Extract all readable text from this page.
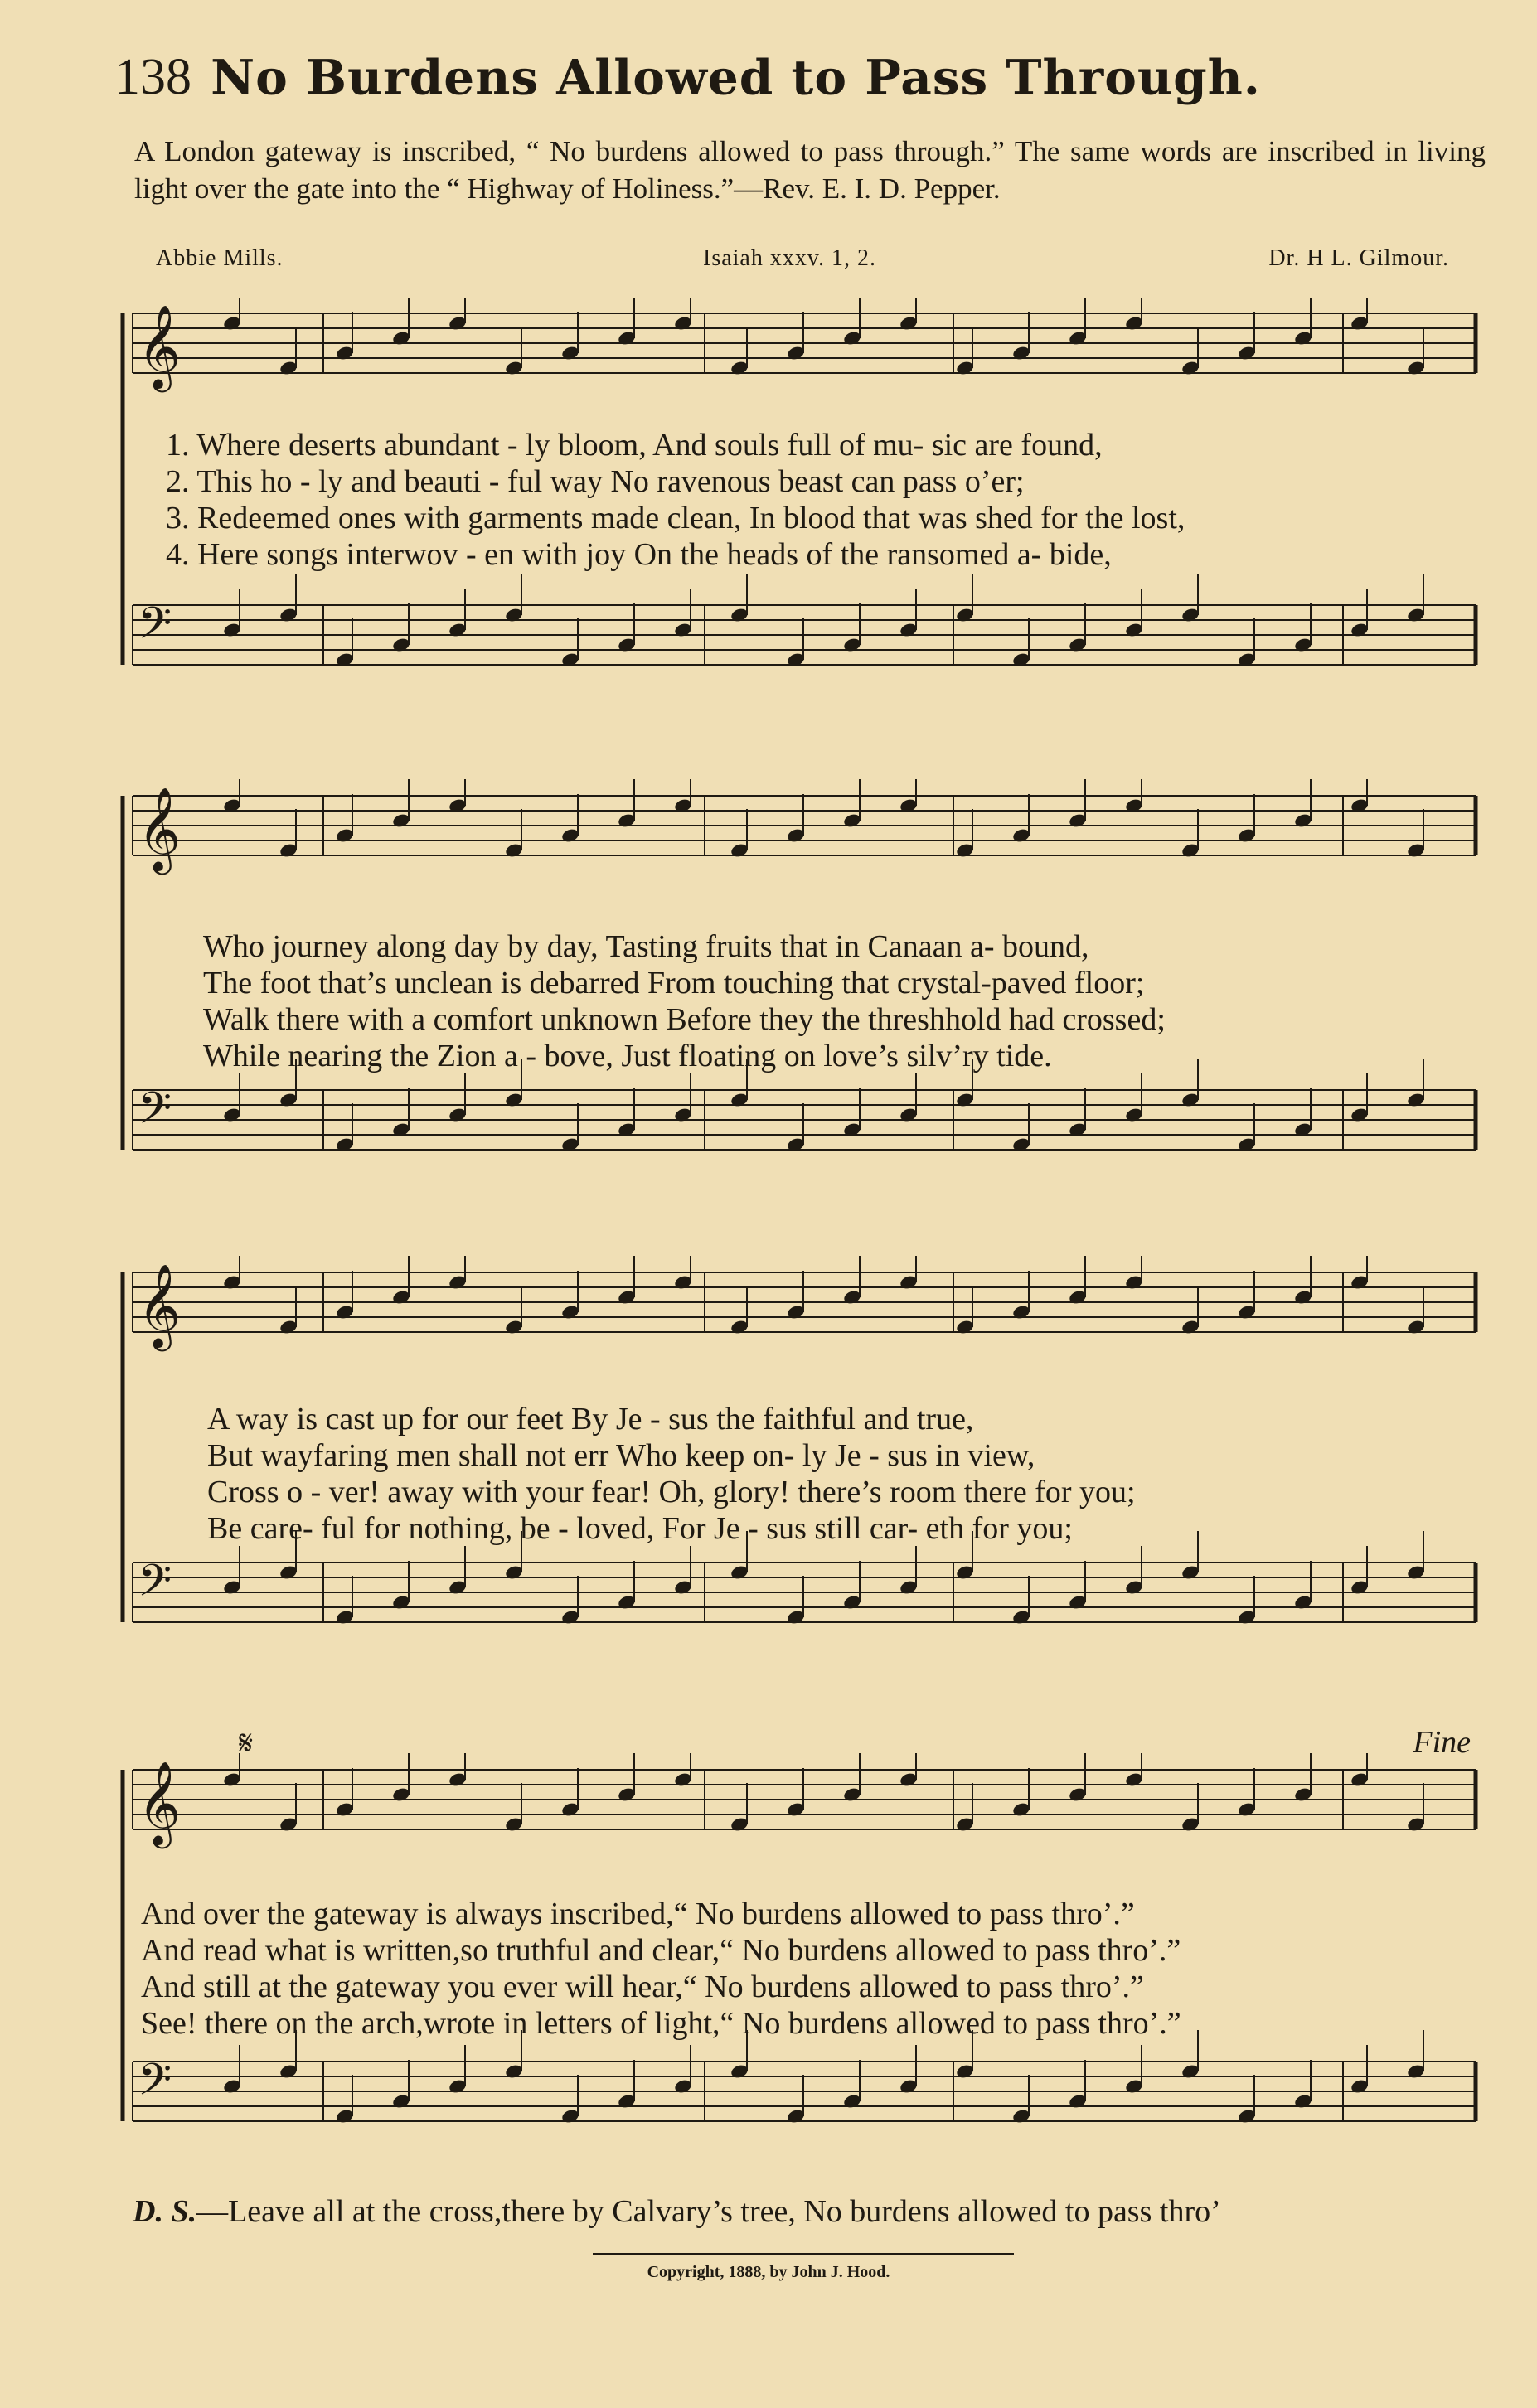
138 No Burdens Allowed to Pass Through.
A London gateway is inscribed, “ No burdens allowed to pass through.” The same words are inscribed in living light over the gate into the “ Highway of Holiness.”—Rev. E. I. D. Pepper.
Abbie Mills.	Isaiah xxxv. 1, 2.	Dr. H L. Gilmour.
𝄞
𝄢
1. Where deserts abundant - ly bloom, And souls full of mu- sic are found,
2. This ho - ly and beauti - ful way No ravenous beast can pass o’er;
3. Redeemed ones with garments made clean, In blood that was shed for the lost,
4. Here songs interwov - en with joy On the heads of the ransomed a- bide,
𝄞
𝄢
Who journey along day by day, Tasting fruits that in Canaan a- bound,
The foot that’s unclean is debarred From touching that crystal-paved floor;
Walk there with a comfort unknown Before they the threshhold had crossed;
While nearing the Zion a - bove, Just floating on love’s silv’ry tide.
𝄞
𝄢
A way is cast up for our feet By Je - sus the faithful and true,
But wayfaring men shall not err Who keep on- ly Je - sus in view,
Cross o - ver! away with your fear! Oh, glory! there’s room there for you;
Be care- ful for nothing, be - loved, For Je - sus still car- eth for you;
𝄞
𝄢
And over the gateway is always inscribed,“ No burdens allowed to pass thro’.”
And read what is written,so truthful and clear,“ No burdens allowed to pass thro’.”
And still at the gateway you ever will hear,“ No burdens allowed to pass thro’.”
See! there on the arch,wrote in letters of light,“ No burdens allowed to pass thro’.”
𝄋	Fine
D. S.—Leave all at the cross,there by Calvary’s tree, No burdens allowed to pass thro’
Copyright, 1888, by John J. Hood.
